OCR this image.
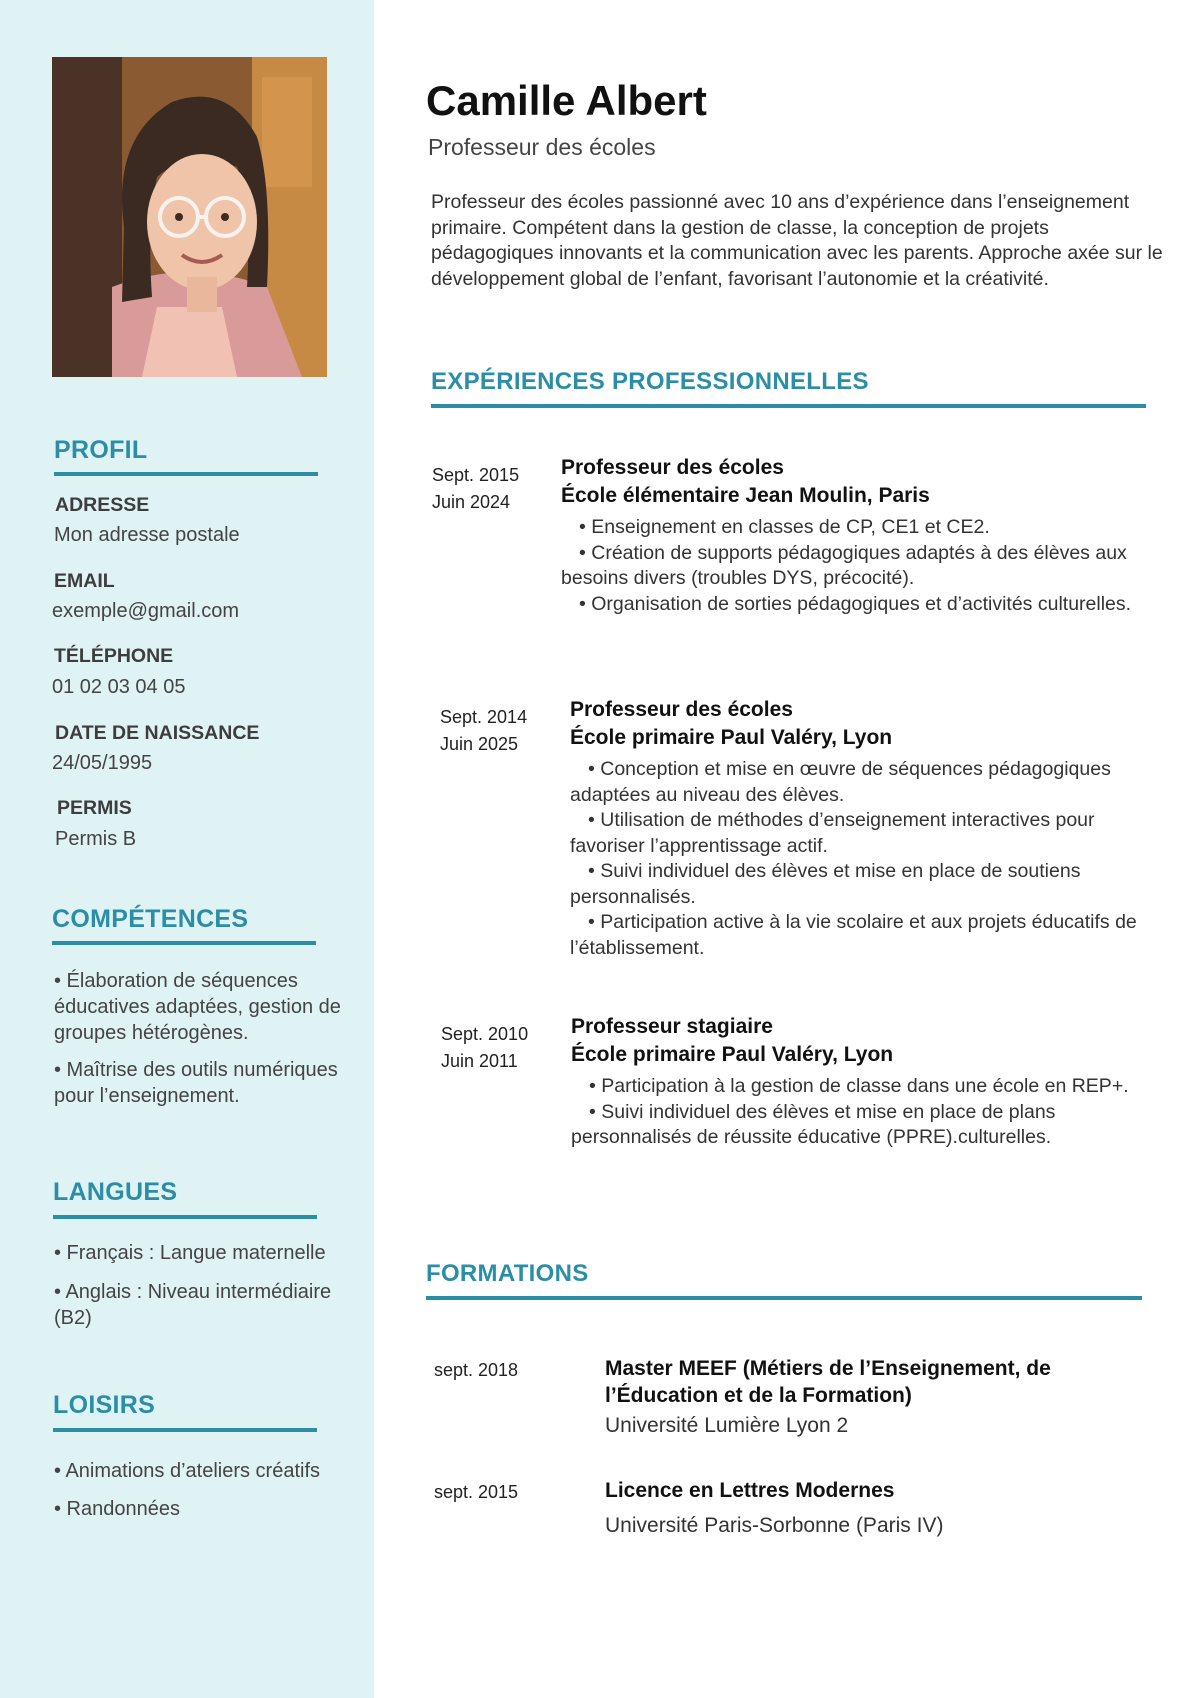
PROFIL
ADRESSE
Mon adresse postale
EMAIL
exemple@gmail.com
TÉLÉPHONE
01 02 03 04 05
DATE DE NAISSANCE
24/05/1995
PERMIS
Permis B
COMPÉTENCES
• Élaboration de séquences éducatives adaptées, gestion de groupes hétérogènes.
• Maîtrise des outils numériques pour l’enseignement.
LANGUES
• Français : Langue maternelle
• Anglais : Niveau intermédiaire (B2)
LOISIRS
• Animations d’ateliers créatifs
• Randonnées
Camille Albert
Professeur des écoles
Professeur des écoles passionné avec 10 ans d’expérience dans l’enseignement primaire. Compétent dans la gestion de classe, la conception de projets pédagogiques innovants et la communication avec les parents. Approche axée sur le développement global de l’enfant, favorisant l’autonomie et la créativité.
EXPÉRIENCES PROFESSIONNELLES
Sept. 2015
Juin 2024
Professeur des écoles
École élémentaire Jean Moulin, Paris
• Enseignement en classes de CP, CE1 et CE2.
• Création de supports pédagogiques adaptés à des élèves aux besoins divers (troubles DYS, précocité).
• Organisation de sorties pédagogiques et d’activités culturelles.
Sept. 2014
Juin 2025
Professeur des écoles
École primaire Paul Valéry, Lyon
• Conception et mise en œuvre de séquences pédagogiques adaptées au niveau des élèves.
• Utilisation de méthodes d’enseignement interactives pour favoriser l’apprentissage actif.
• Suivi individuel des élèves et mise en place de soutiens personnalisés.
• Participation active à la vie scolaire et aux projets éducatifs de l’établissement.
Sept. 2010
Juin 2011
Professeur stagiaire
École primaire Paul Valéry, Lyon
• Participation à la gestion de classe dans une école en REP+.
• Suivi individuel des élèves et mise en place de plans personnalisés de réussite éducative (PPRE).culturelles.
FORMATIONS
sept. 2018	Master MEEF (Métiers de l’Enseignement, de l’Éducation et de la Formation)
Université Lumière Lyon 2
sept. 2015	Licence en Lettres Modernes
Université Paris-Sorbonne (Paris IV)
